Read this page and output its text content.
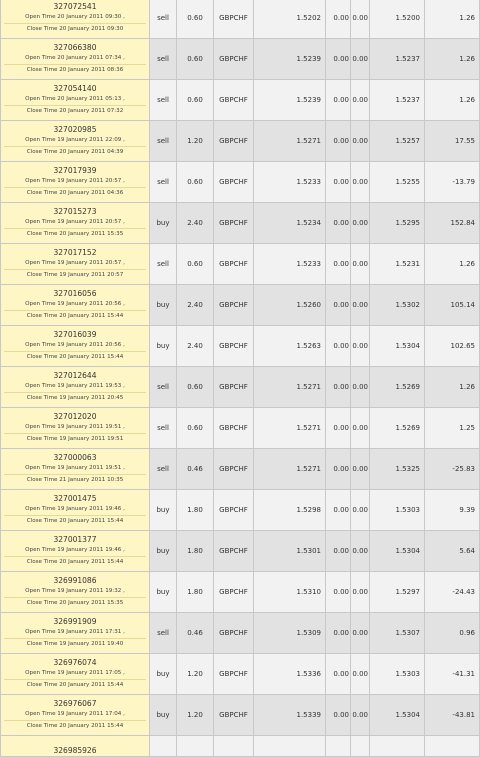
327072541
Open Time 20 January 2011 09:30 ,
Close Time 20 January 2011 09:30	sell	0.60	GBPCHF	1.5202	0.00	0.00	1.5200	1.26

327066380
Open Time 20 January 2011 07:34 ,
Close Time 20 January 2011 08:36	sell	0.60	GBPCHF	1.5239	0.00	0.00	1.5237	1.26

327054140
Open Time 20 January 2011 05:13 ,
Close Time 20 January 2011 07:32	sell	0.60	GBPCHF	1.5239	0.00	0.00	1.5237	1.26

327020985
Open Time 19 January 2011 22:09 ,
Close Time 20 January 2011 04:39	sell	1.20	GBPCHF	1.5271	0.00	0.00	1.5257	17.55

327017939
Open Time 19 January 2011 20:57 ,
Close Time 20 January 2011 04:36	sell	0.60	GBPCHF	1.5233	0.00	0.00	1.5255	-13.79

327015273
Open Time 19 January 2011 20:57 ,
Close Time 20 January 2011 15:35	buy	2.40	GBPCHF	1.5234	0.00	0.00	1.5295	152.84

327017152
Open Time 19 January 2011 20:57 ,
Close Time 19 January 2011 20:57	sell	0.60	GBPCHF	1.5233	0.00	0.00	1.5231	1.26

327016056
Open Time 19 January 2011 20:56 ,
Close Time 20 January 2011 15:44	buy	2.40	GBPCHF	1.5260	0.00	0.00	1.5302	105.14

327016039
Open Time 19 January 2011 20:56 ,
Close Time 20 January 2011 15:44	buy	2.40	GBPCHF	1.5263	0.00	0.00	1.5304	102.65

327012644
Open Time 19 January 2011 19:53 ,
Close Time 19 January 2011 20:45	sell	0.60	GBPCHF	1.5271	0.00	0.00	1.5269	1.26

327012020
Open Time 19 January 2011 19:51 ,
Close Time 19 January 2011 19:51	sell	0.60	GBPCHF	1.5271	0.00	0.00	1.5269	1.25

327000063
Open Time 19 January 2011 19:51 ,
Close Time 21 January 2011 10:35	sell	0.46	GBPCHF	1.5271	0.00	0.00	1.5325	-25.83

327001475
Open Time 19 January 2011 19:46 ,
Close Time 20 January 2011 15:44	buy	1.80	GBPCHF	1.5298	0.00	0.00	1.5303	9.39

327001377
Open Time 19 January 2011 19:46 ,
Close Time 20 January 2011 15:44	buy	1.80	GBPCHF	1.5301	0.00	0.00	1.5304	5.64

326991086
Open Time 19 January 2011 19:32 ,
Close Time 20 January 2011 15:35	buy	1.80	GBPCHF	1.5310	0.00	0.00	1.5297	-24.43

326991909
Open Time 19 January 2011 17:31 ,
Close Time 19 January 2011 19:40	sell	0.46	GBPCHF	1.5309	0.00	0.00	1.5307	0.96

326976074
Open Time 19 January 2011 17:05 ,
Close Time 20 January 2011 15:44	buy	1.20	GBPCHF	1.5336	0.00	0.00	1.5303	-41.31

326976067
Open Time 19 January 2011 17:04 ,
Close Time 20 January 2011 15:44	buy	1.20	GBPCHF	1.5339	0.00	0.00	1.5304	-43.81

326985926								
